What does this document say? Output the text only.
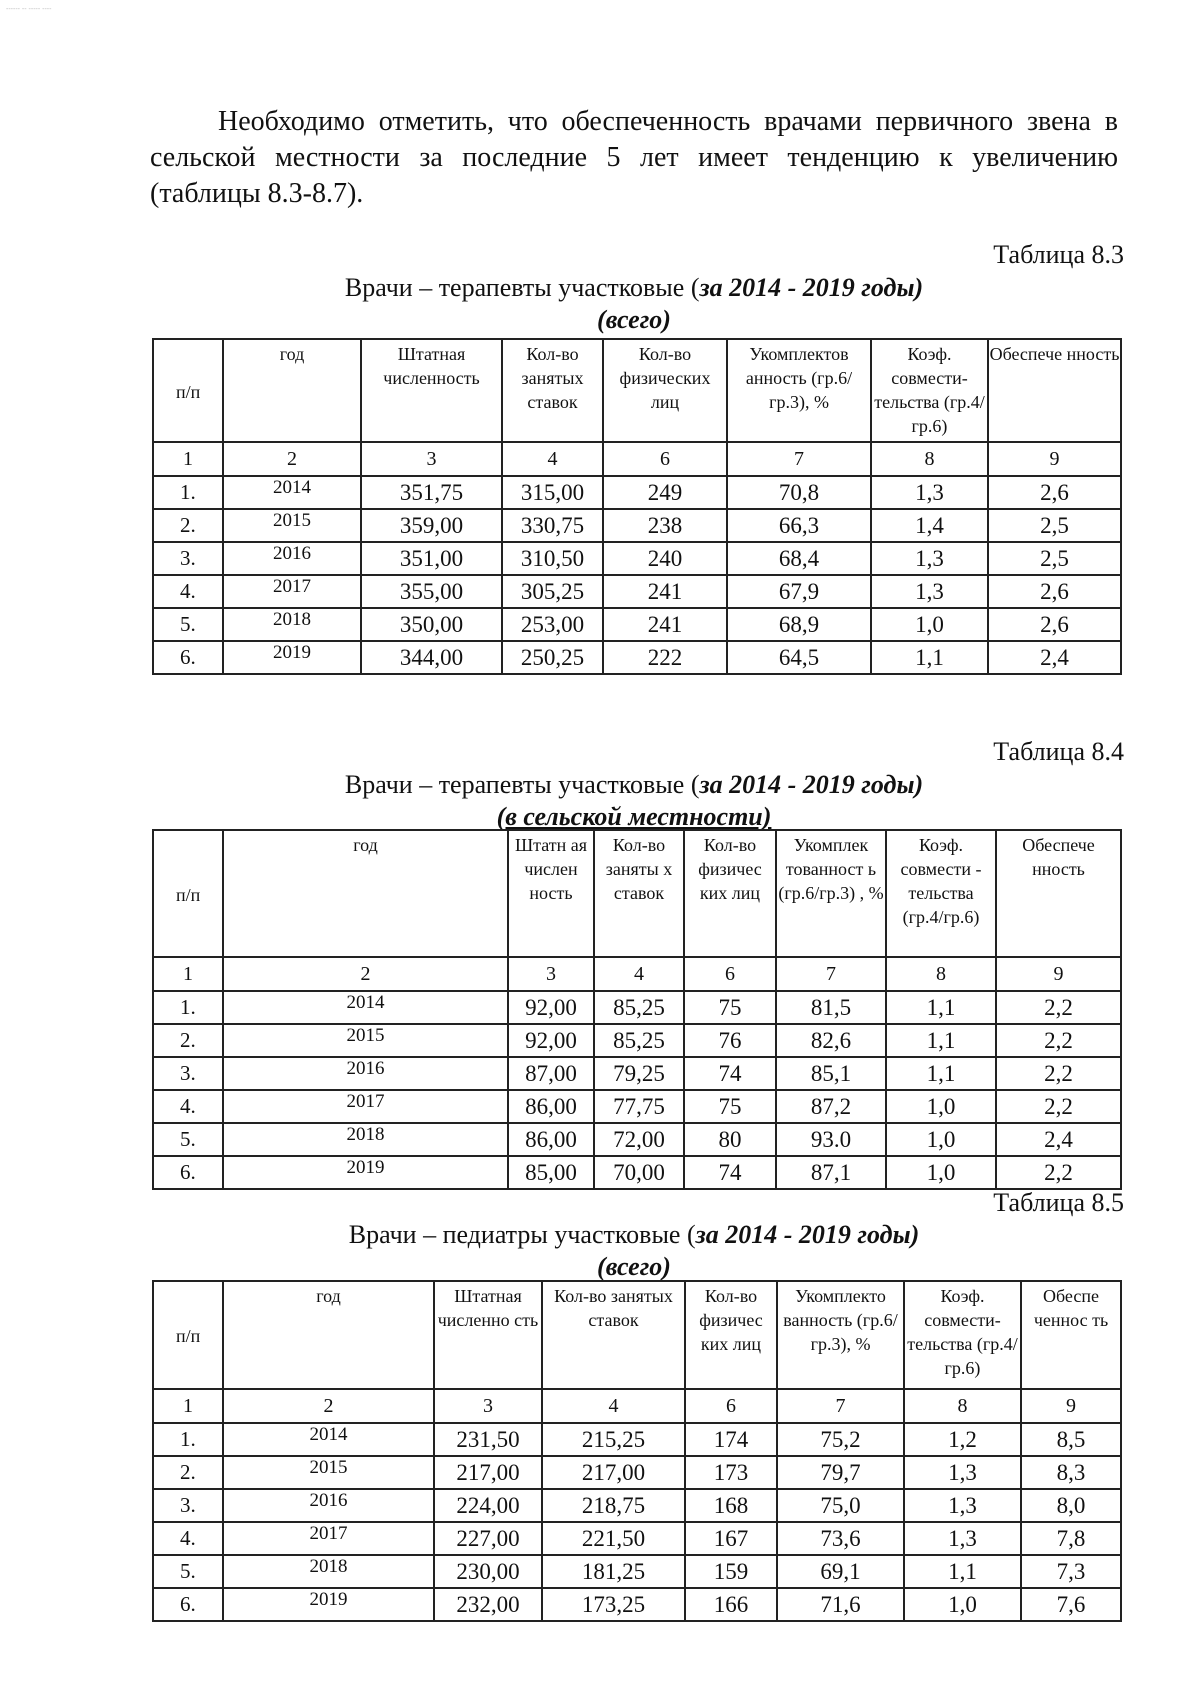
------ -- ----- ----
Необходимо отметить, что обеспеченность врачами первичного звена в сельской местности за последние 5 лет имеет тенденцию к увеличению (таблицы 8.3-8.7).
Таблица 8.3
Врачи – терапевты участковые (за 2014 - 2019 годы)
(всего)
п/п	год	Штатная численность	Кол-во занятых ставок	Кол-во физических лиц	Укомплектов анность (гр.6/гр.3), %	Коэф. совмести-тельства (гр.4/гр.6)	Обеспече нность
1	2	3	4	6	7	8	9
1.	2014	351,75	315,00	249	70,8	1,3	2,6
2.	2015	359,00	330,75	238	66,3	1,4	2,5
3.	2016	351,00	310,50	240	68,4	1,3	2,5
4.	2017	355,00	305,25	241	67,9	1,3	2,6
5.	2018	350,00	253,00	241	68,9	1,0	2,6
6.	2019	344,00	250,25	222	64,5	1,1	2,4
Таблица 8.4
Врачи – терапевты участковые (за 2014 - 2019 годы)
(в сельской местности)
п/п	год	Штатн ая числен ность	Кол-во заняты х ставок	Кол-во физичес ких лиц	Укомплек тованност ь (гр.6/гр.3) , %	Коэф. совмести - тельства (гр.4/гр.6)	Обеспече нность
1	2	3	4	6	7	8	9
1.	2014	92,00	85,25	75	81,5	1,1	2,2
2.	2015	92,00	85,25	76	82,6	1,1	2,2
3.	2016	87,00	79,25	74	85,1	1,1	2,2
4.	2017	86,00	77,75	75	87,2	1,0	2,2
5.	2018	86,00	72,00	80	93.0	1,0	2,4
6.	2019	85,00	70,00	74	87,1	1,0	2,2
Таблица 8.5
Врачи – педиатры участковые (за 2014 - 2019 годы)
(всего)
п/п	год	Штатная численно сть	Кол-во занятых ставок	Кол-во физичес ких лиц	Укомплекто ванность (гр.6/гр.3), %	Коэф. совмести-тельства (гр.4/гр.6)	Обеспе ченнос ть
1	2	3	4	6	7	8	9
1.	2014	231,50	215,25	174	75,2	1,2	8,5
2.	2015	217,00	217,00	173	79,7	1,3	8,3
3.	2016	224,00	218,75	168	75,0	1,3	8,0
4.	2017	227,00	221,50	167	73,6	1,3	7,8
5.	2018	230,00	181,25	159	69,1	1,1	7,3
6.	2019	232,00	173,25	166	71,6	1,0	7,6
